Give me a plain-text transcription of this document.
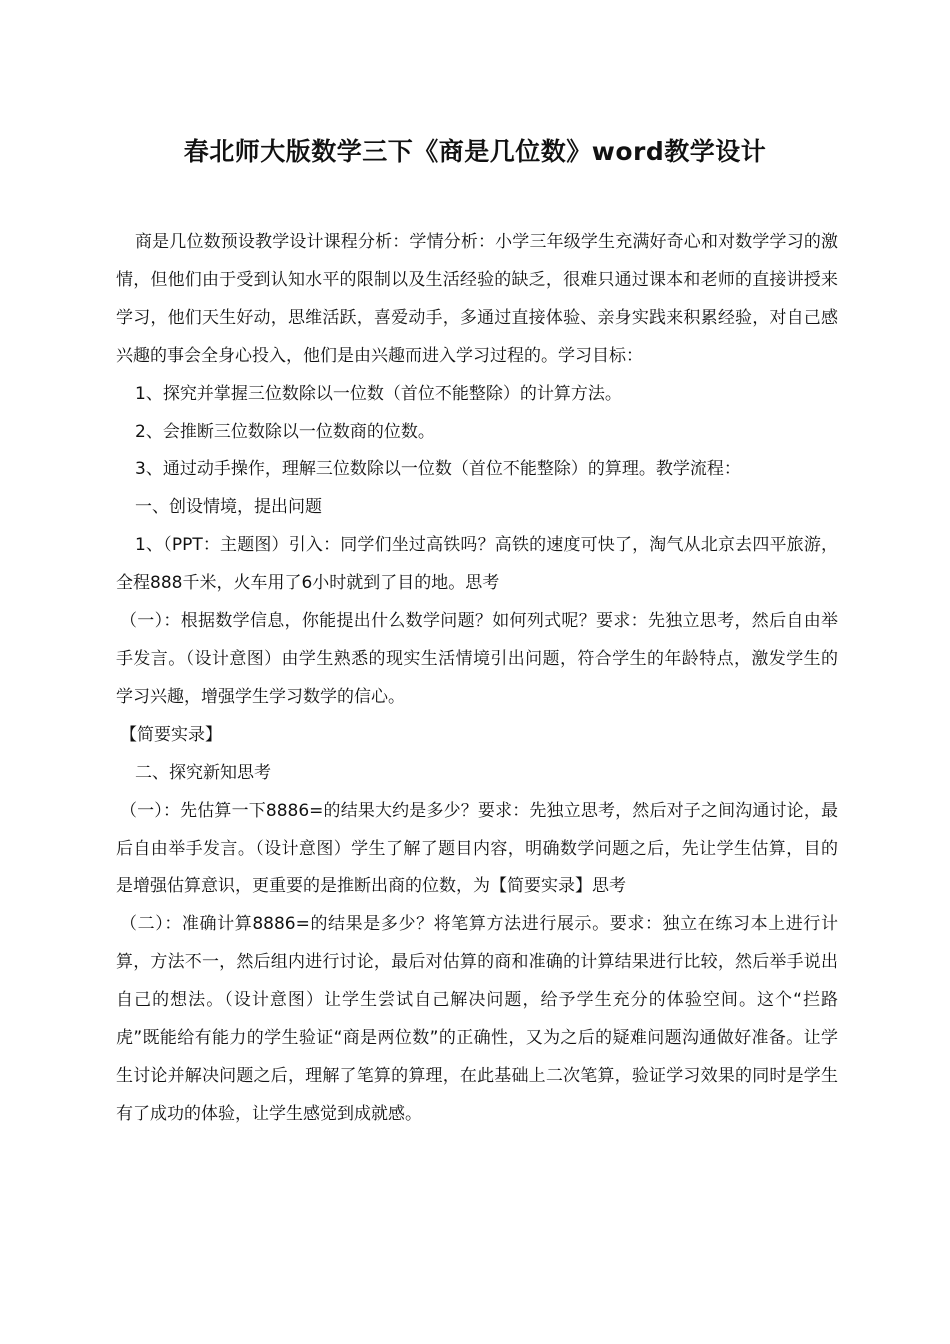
春北师大版数学三下《商是几位数》word教学设计

商是几位数预设教学设计课程分析：学情分析：小学三年级学生充满好奇心和对数学学习的激情，但他们由于受到认知水平的限制以及生活经验的缺乏，很难只通过课本和老师的直接讲授来学习，他们天生好动，思维活跃，喜爱动手，多通过直接体验、亲身实践来积累经验，对自己感兴趣的事会全身心投入，他们是由兴趣而进入学习过程的。学习目标：

1、探究并掌握三位数除以一位数（首位不能整除）的计算方法。

2、会推断三位数除以一位数商的位数。

3、通过动手操作，理解三位数除以一位数（首位不能整除）的算理。教学流程：

一、创设情境，提出问题

1、（PPT：主题图）引入：同学们坐过高铁吗？高铁的速度可快了，淘气从北京去四平旅游，全程888千米，火车用了6小时就到了目的地。思考

（一）：根据数学信息，你能提出什么数学问题？如何列式呢？要求：先独立思考，然后自由举手发言。（设计意图）由学生熟悉的现实生活情境引出问题，符合学生的年龄特点，激发学生的学习兴趣，增强学生学习数学的信心。

【简要实录】

二、探究新知思考

（一）：先估算一下8886=的结果大约是多少？要求：先独立思考，然后对子之间沟通讨论，最后自由举手发言。（设计意图）学生了解了题目内容，明确数学问题之后，先让学生估算，目的是增强估算意识，更重要的是推断出商的位数，为【简要实录】思考

（二）：准确计算8886=的结果是多少？将笔算方法进行展示。要求：独立在练习本上进行计算，方法不一，然后组内进行讨论，最后对估算的商和准确的计算结果进行比较，然后举手说出自己的想法。（设计意图）让学生尝试自己解决问题，给予学生充分的体验空间。这个“拦路虎”既能给有能力的学生验证“商是两位数”的正确性，又为之后的疑难问题沟通做好准备。让学生讨论并解决问题之后，理解了笔算的算理，在此基础上二次笔算，验证学习效果的同时是学生有了成功的体验，让学生感觉到成就感。
